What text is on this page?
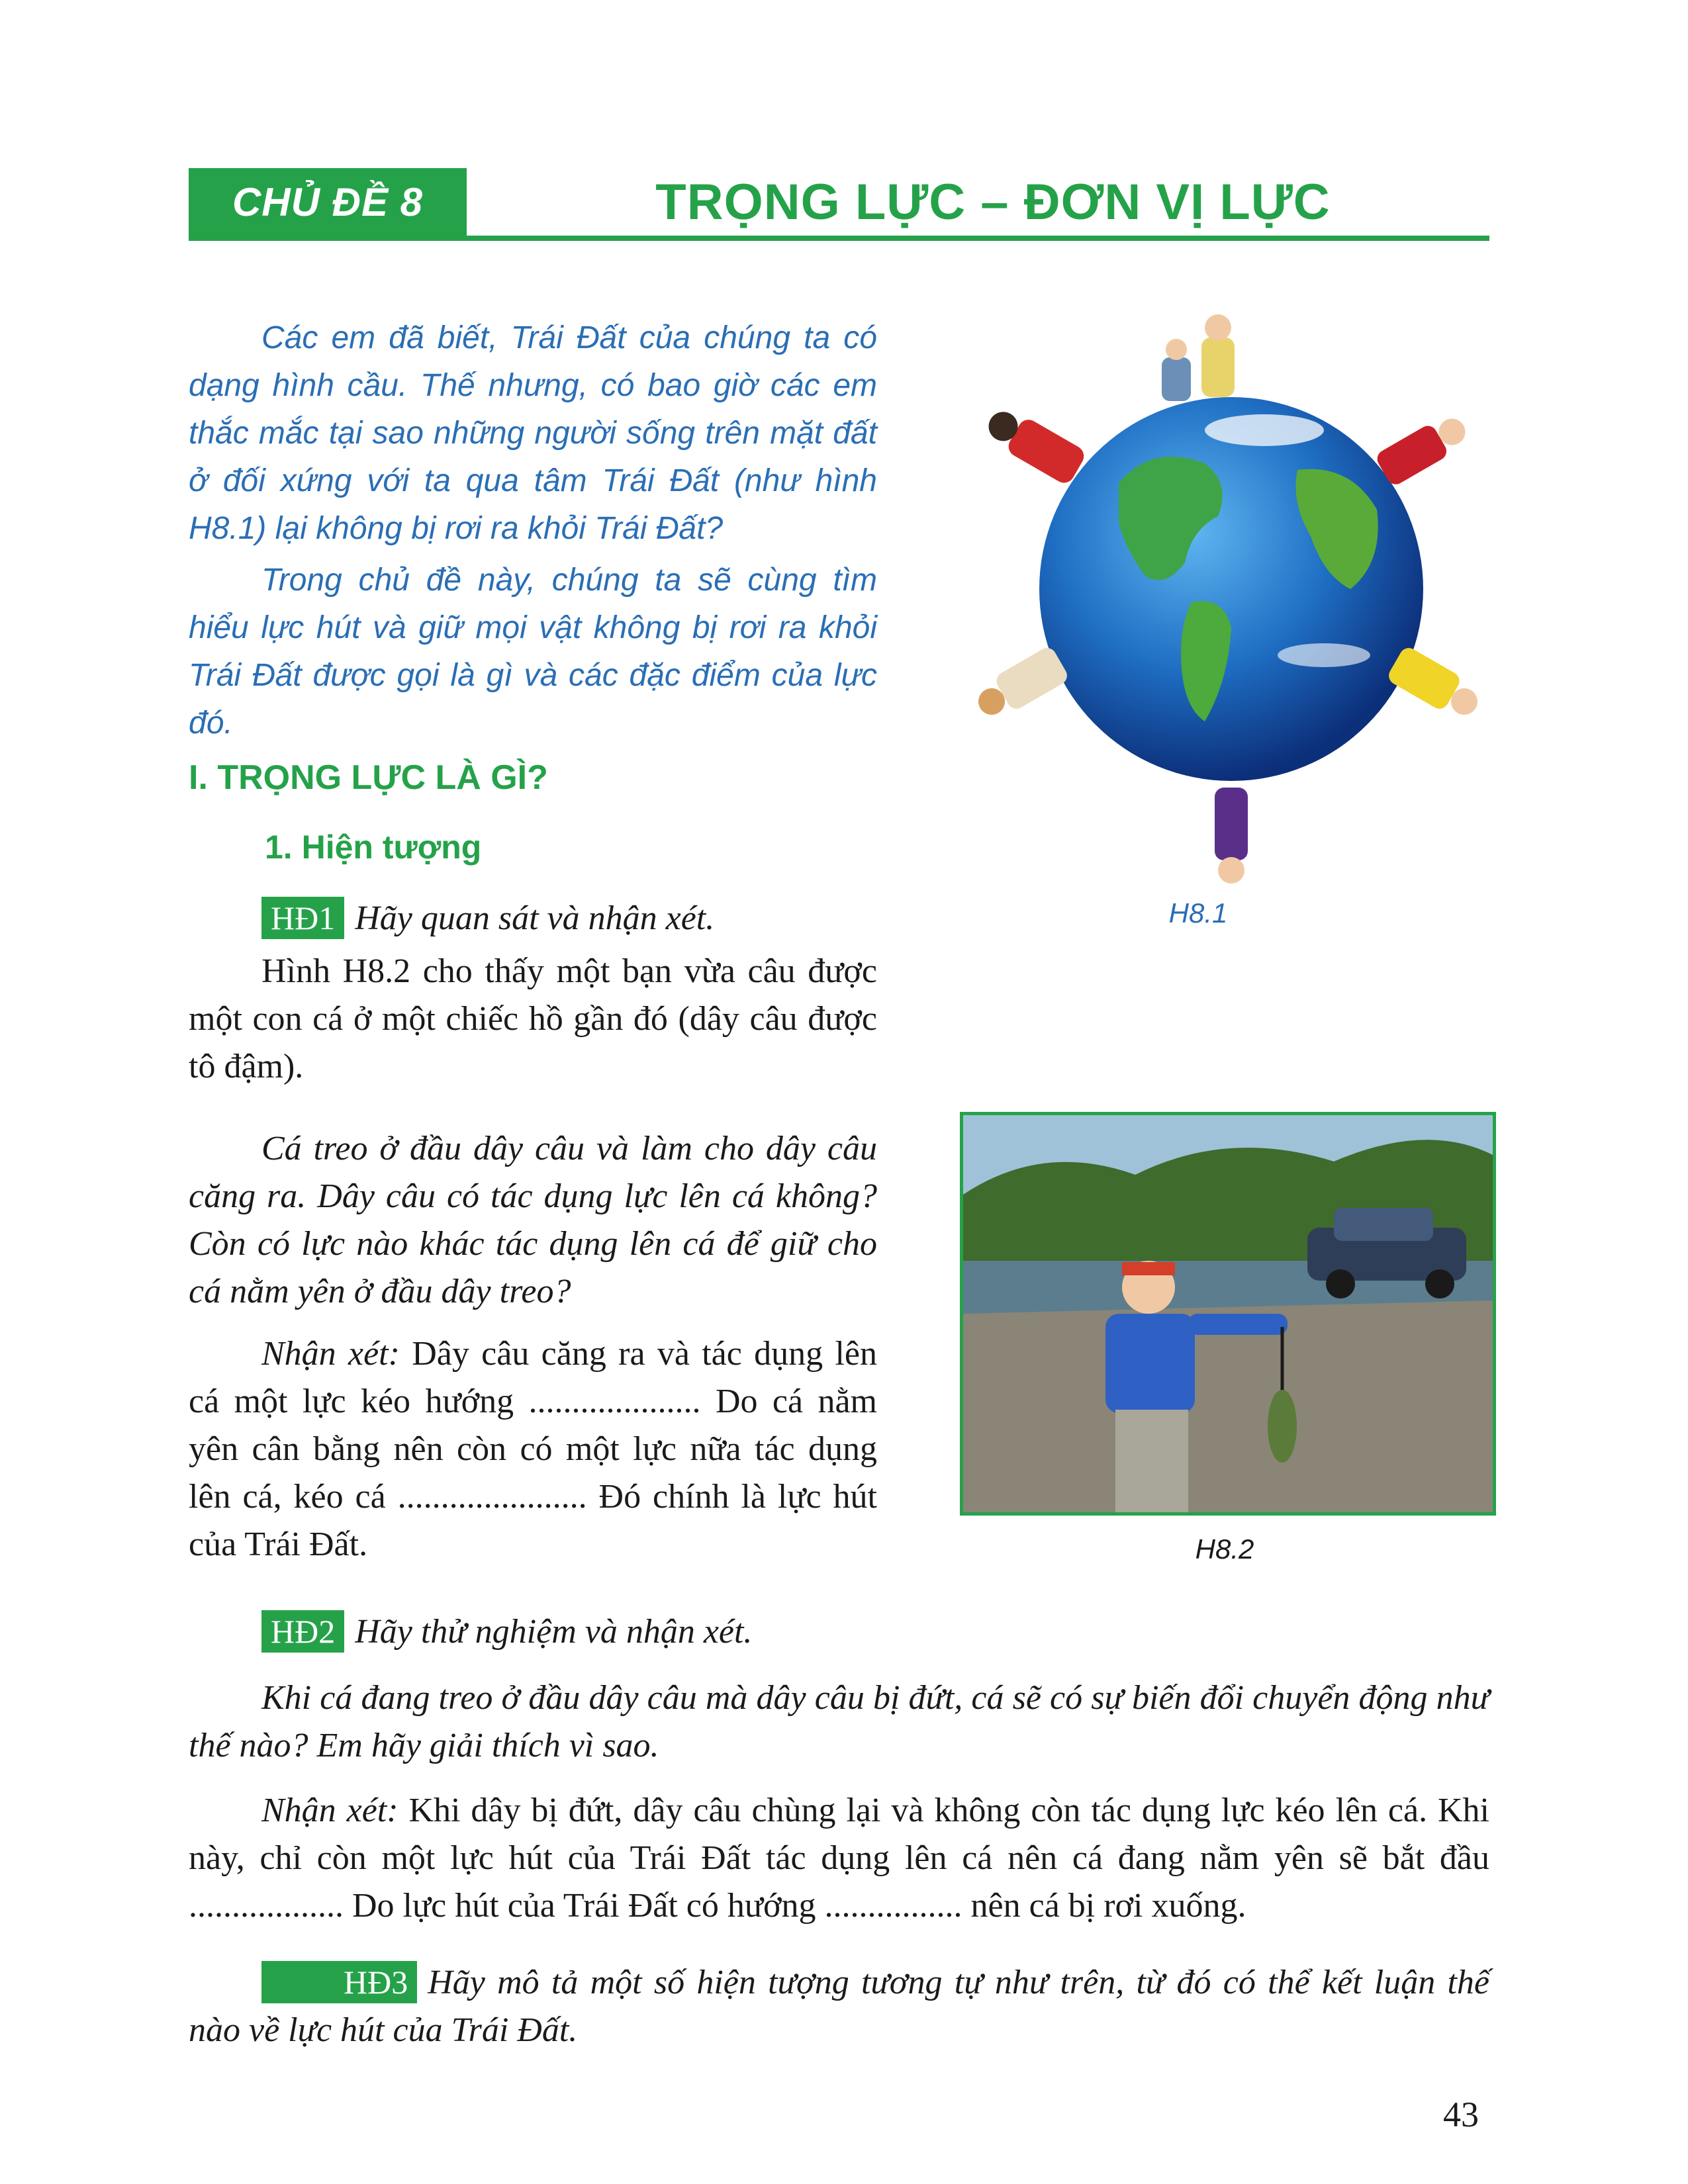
CHỦ ĐỀ 8	TRỌNG LỰC – ĐƠN VỊ LỰC

Các em đã biết, Trái Đất của chúng ta có dạng hình cầu. Thế nhưng, có bao giờ các em thắc mắc tại sao những người sống trên mặt đất ở đối xứng với ta qua tâm Trái Đất (như hình H8.1) lại không bị rơi ra khỏi Trái Đất?

Trong chủ đề này, chúng ta sẽ cùng tìm hiểu lực hút và giữ mọi vật không bị rơi ra khỏi Trái Đất được gọi là gì và các đặc điểm của lực đó.

H8.1
I. TRỌNG LỰC LÀ GÌ?
1. Hiện tượng
HĐ1 Hãy quan sát và nhận xét.

Hình H8.2 cho thấy một bạn vừa câu được một con cá ở một chiếc hồ gần đó (dây câu được tô đậm).

Cá treo ở đầu dây câu và làm cho dây câu căng ra. Dây câu có tác dụng lực lên cá không? Còn có lực nào khác tác dụng lên cá để giữ cho cá nằm yên ở đầu dây treo?

Nhận xét: Dây câu căng ra và tác dụng lên cá một lực kéo hướng .................... Do cá nằm yên cân bằng nên còn có một lực nữa tác dụng lên cá, kéo cá ...................... Đó chính là lực hút của Trái Đất.	H8.2
HĐ2 Hãy thử nghiệm và nhận xét.

Khi cá đang treo ở đầu dây câu mà dây câu bị đứt, cá sẽ có sự biến đổi chuyển động như thế nào? Em hãy giải thích vì sao.

Nhận xét: Khi dây bị đứt, dây câu chùng lại và không còn tác dụng lực kéo lên cá. Khi này, chỉ còn một lực hút của Trái Đất tác dụng lên cá nên cá đang nằm yên sẽ bắt đầu .................. Do lực hút của Trái Đất có hướng ................ nên cá bị rơi xuống.

HĐ3 Hãy mô tả một số hiện tượng tương tự như trên, từ đó có thể kết luận thế nào về lực hút của Trái Đất.

43
